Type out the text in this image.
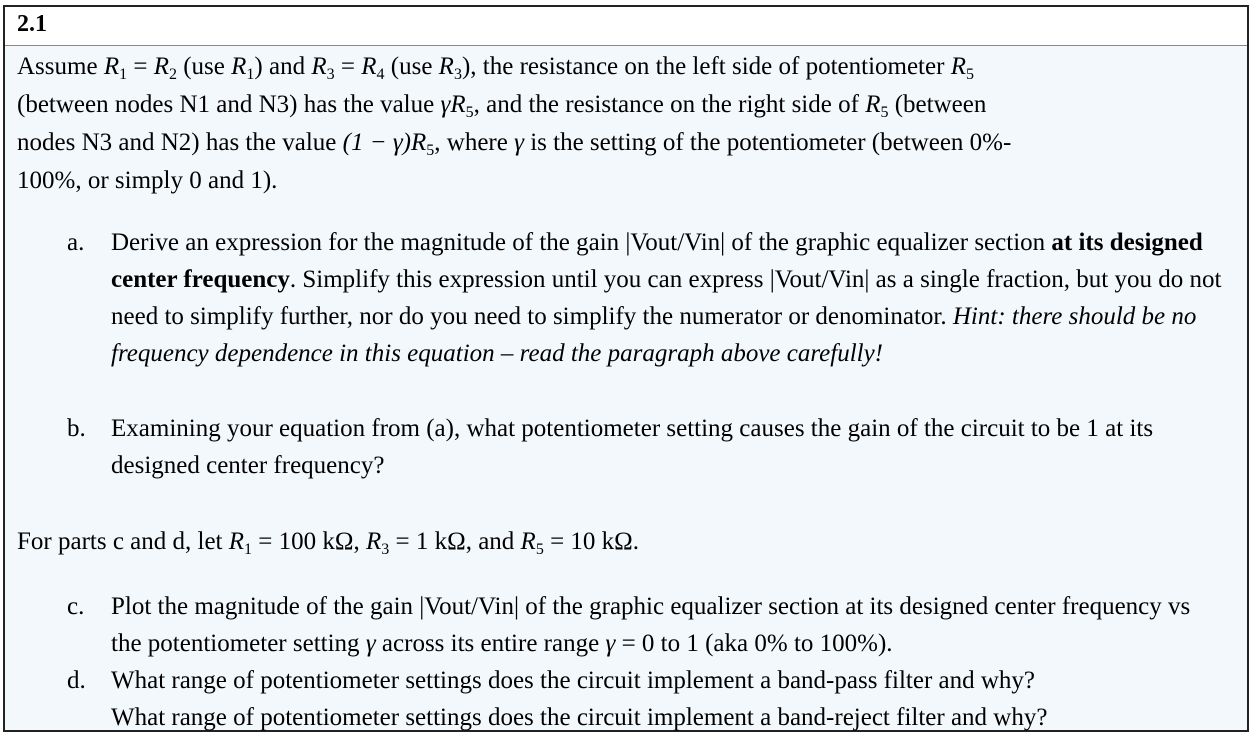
2.1
Assume $R_1 = R_2$ (use $R_1$) and $R_3 = R_4$ (use $R_3$), the resistance on the left side of potentiometer $R_5$
(between nodes N1 and N3) has the value $\gamma R_5$, and the resistance on the right side of $R_5$ (between
nodes N3 and N2) has the value $(1 - \gamma)R_5$, where γ is the setting of the potentiometer (between 0%-
100%, or simply 0 and 1).
a. Derive an expression for the magnitude of the gain |Vout/Vin| of the graphic equalizer section at its designed center frequency. Simplify this expression until you can express |Vout/Vin| as a single fraction, but you do not need to simplify further, nor do you need to simplify the numerator or denominator. Hint: there should be no frequency dependence in this equation – read the paragraph above carefully!
b. Examining your equation from (a), what potentiometer setting causes the gain of the circuit to be 1 at its designed center frequency?
For parts c and d, let $R_1 = 100$ kΩ, $R_3 = 1$ kΩ, and $R_5 = 10$ kΩ.
c. Plot the magnitude of the gain |Vout/Vin| of the graphic equalizer section at its designed center frequency vs the potentiometer setting γ across its entire range γ = 0 to 1 (aka 0% to 100%).
d. What range of potentiometer settings does the circuit implement a band-pass filter and why?
What range of potentiometer settings does the circuit implement a band-reject filter and why?
